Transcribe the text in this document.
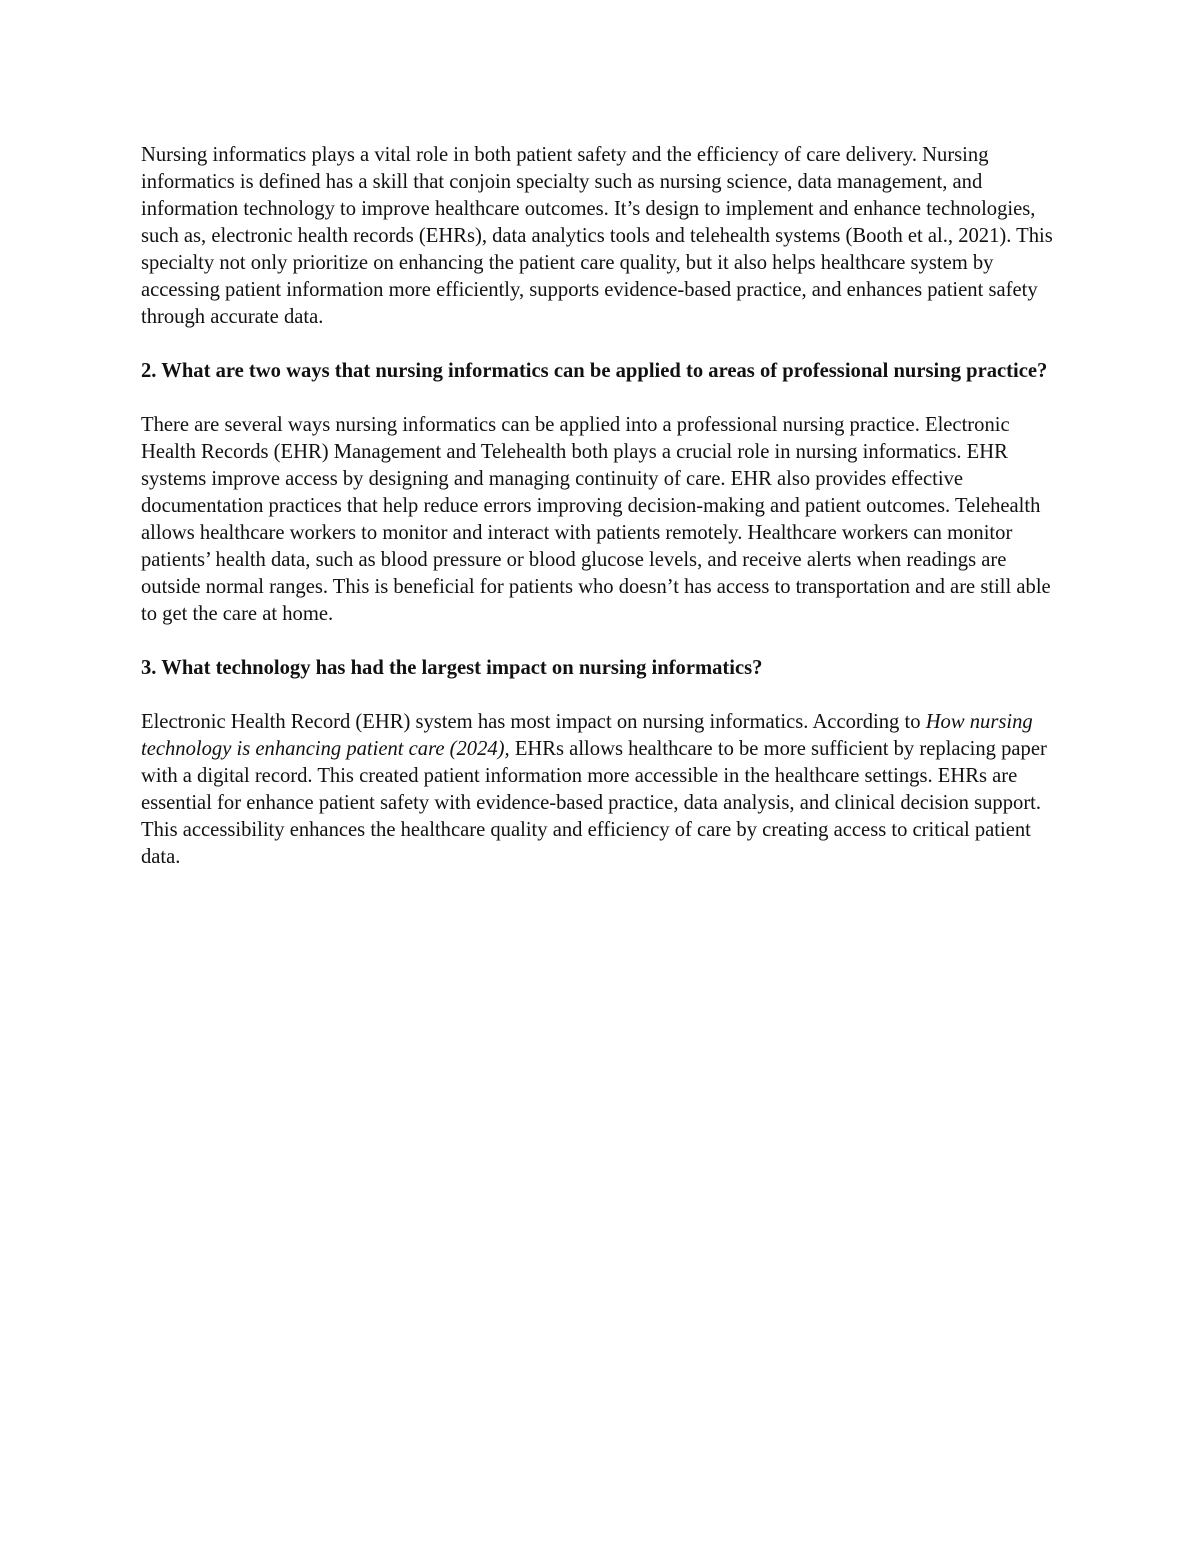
Nursing informatics plays a vital role in both patient safety and the efficiency of care delivery. Nursing informatics is defined has a skill that conjoin specialty such as nursing science, data management, and information technology to improve healthcare outcomes. It’s design to implement and enhance technologies, such as, electronic health records (EHRs), data analytics tools and telehealth systems (Booth et al., 2021). This specialty not only prioritize on enhancing the patient care quality, but it also helps healthcare system by accessing patient information more efficiently, supports evidence-based practice, and enhances patient safety through accurate data.

2. What are two ways that nursing informatics can be applied to areas of professional nursing practice?

There are several ways nursing informatics can be applied into a professional nursing practice. Electronic Health Records (EHR) Management and Telehealth both plays a crucial role in nursing informatics. EHR systems improve access by designing and managing continuity of care. EHR also provides effective documentation practices that help reduce errors improving decision-making and patient outcomes. Telehealth allows healthcare workers to monitor and interact with patients remotely. Healthcare workers can monitor patients’ health data, such as blood pressure or blood glucose levels, and receive alerts when readings are outside normal ranges. This is beneficial for patients who doesn’t has access to transportation and are still able to get the care at home.

3. What technology has had the largest impact on nursing informatics?

Electronic Health Record (EHR) system has most impact on nursing informatics. According to How nursing technology is enhancing patient care (2024), EHRs allows healthcare to be more sufficient by replacing paper with a digital record. This created patient information more accessible in the healthcare settings. EHRs are essential for enhance patient safety with evidence-based practice, data analysis, and clinical decision support. This accessibility enhances the healthcare quality and efficiency of care by creating access to critical patient data.
